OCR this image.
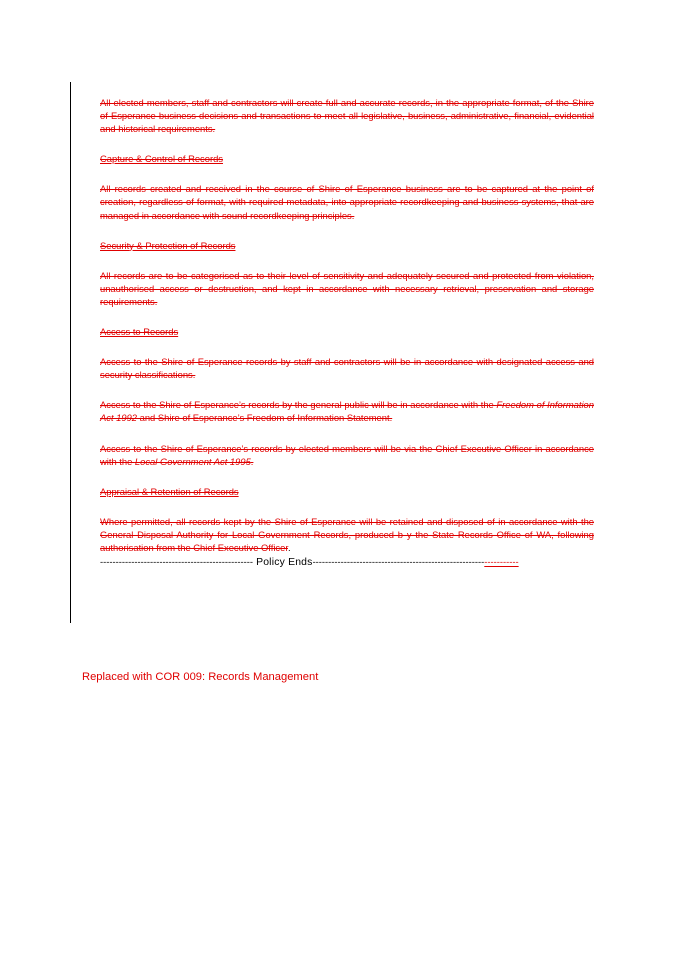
All elected members, staff and contractors will create full and accurate records, in the appropriate format, of the Shire of Esperance business decisions and transactions to meet all legislative, business, administrative, financial, evidential and historical requirements.

Capture & Control of Records

All records created and received in the course of Shire of Esperance business are to be captured at the point of creation, regardless of format, with required metadata, into appropriate recordkeeping and business systems, that are managed in accordance with sound recordkeeping principles.

Security & Protection of Records

All records are to be categorised as to their level of sensitivity and adequately secured and protected from violation, unauthorised access or destruction, and kept in accordance with necessary retrieval, preservation and storage requirements.

Access to Records

Access to the Shire of Esperance records by staff and contractors will be in accordance with designated access and security classifications.

Access to the Shire of Esperance’s records by the general public will be in accordance with the Freedom of Information Act 1992 and Shire of Esperance’s Freedom of Information Statement.

Access to the Shire of Esperance’s records by elected members will be via the Chief Executive Officer in accordance with the Local Government Act 1995.

Appraisal & Retention of Records

Where permitted, all records kept by the Shire of Esperance will be retained and disposed of in accordance with the General Disposal Authority for Local Government Records, produced b y the State Records Office of WA, following authorisation from the Chief Executive Officer.

------------------------------------------------- Policy Ends------------------------------------------------------------------
Replaced with COR 009: Records Management
